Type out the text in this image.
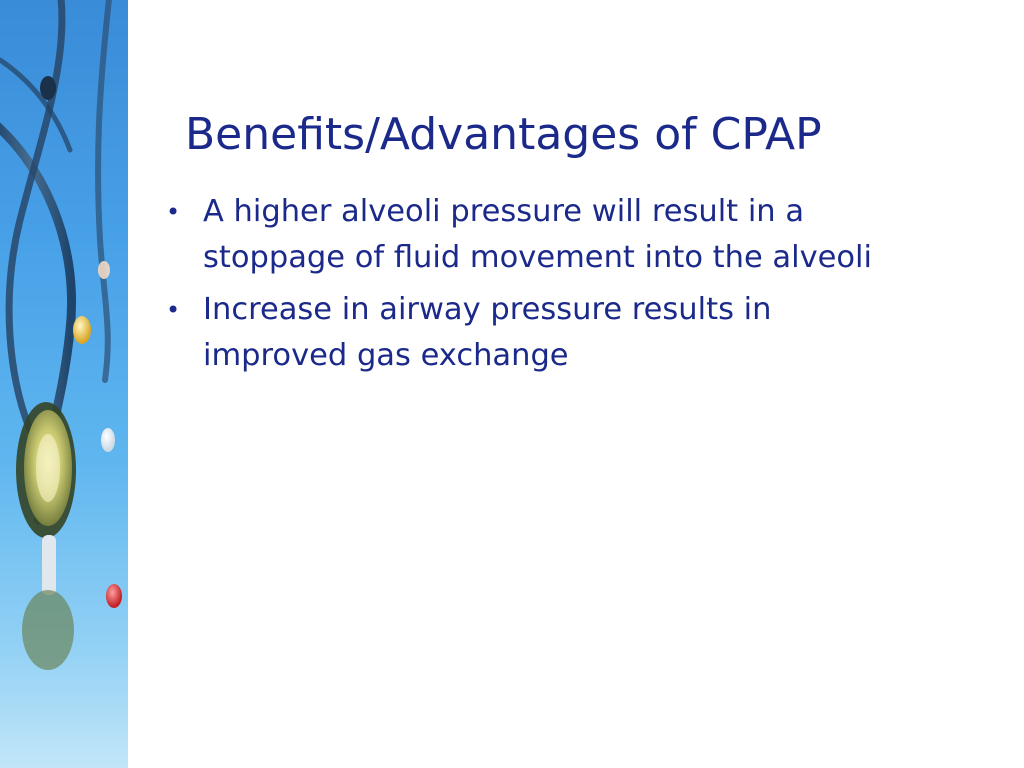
Benefits/Advantages of CPAP
• A higher alveoli pressure will result in a stoppage of fluid movement into the alveoli
• Increase in airway pressure results in improved gas exchange
